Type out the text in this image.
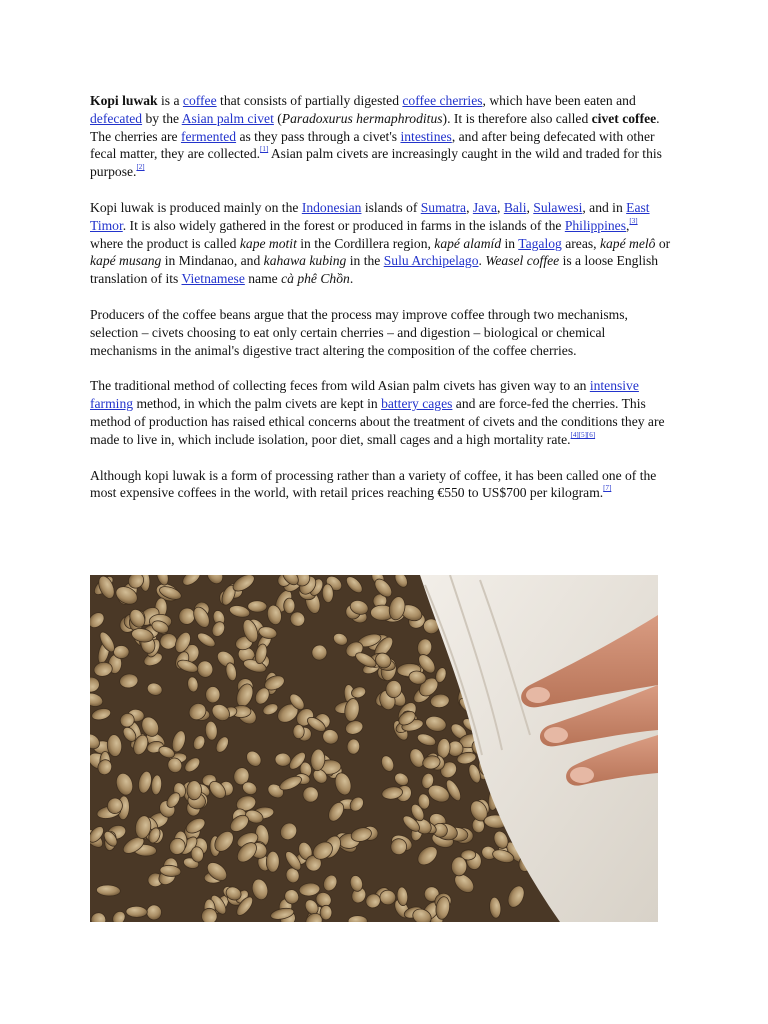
Kopi luwak is a coffee that consists of partially digested coffee cherries, which have been eaten and defecated by the Asian palm civet (Paradoxurus hermaphroditus). It is therefore also called civet coffee. The cherries are fermented as they pass through a civet's intestines, and after being defecated with other fecal matter, they are collected.[1] Asian palm civets are increasingly caught in the wild and traded for this purpose.[2]

Kopi luwak is produced mainly on the Indonesian islands of Sumatra, Java, Bali, Sulawesi, and in East Timor. It is also widely gathered in the forest or produced in farms in the islands of the Philippines,[3] where the product is called kape motit in the Cordillera region, kapé alamíd in Tagalog areas, kapé melô or kapé musang in Mindanao, and kahawa kubing in the Sulu Archipelago. Weasel coffee is a loose English translation of its Vietnamese name cà phê Chồn.

Producers of the coffee beans argue that the process may improve coffee through two mechanisms, selection – civets choosing to eat only certain cherries – and digestion – biological or chemical mechanisms in the animal's digestive tract altering the composition of the coffee cherries.

The traditional method of collecting feces from wild Asian palm civets has given way to an intensive farming method, in which the palm civets are kept in battery cages and are force-fed the cherries. This method of production has raised ethical concerns about the treatment of civets and the conditions they are made to live in, which include isolation, poor diet, small cages and a high mortality rate.[4][5][6]

Although kopi luwak is a form of processing rather than a variety of coffee, it has been called one of the most expensive coffees in the world, with retail prices reaching €550 to US$700 per kilogram.[7]
